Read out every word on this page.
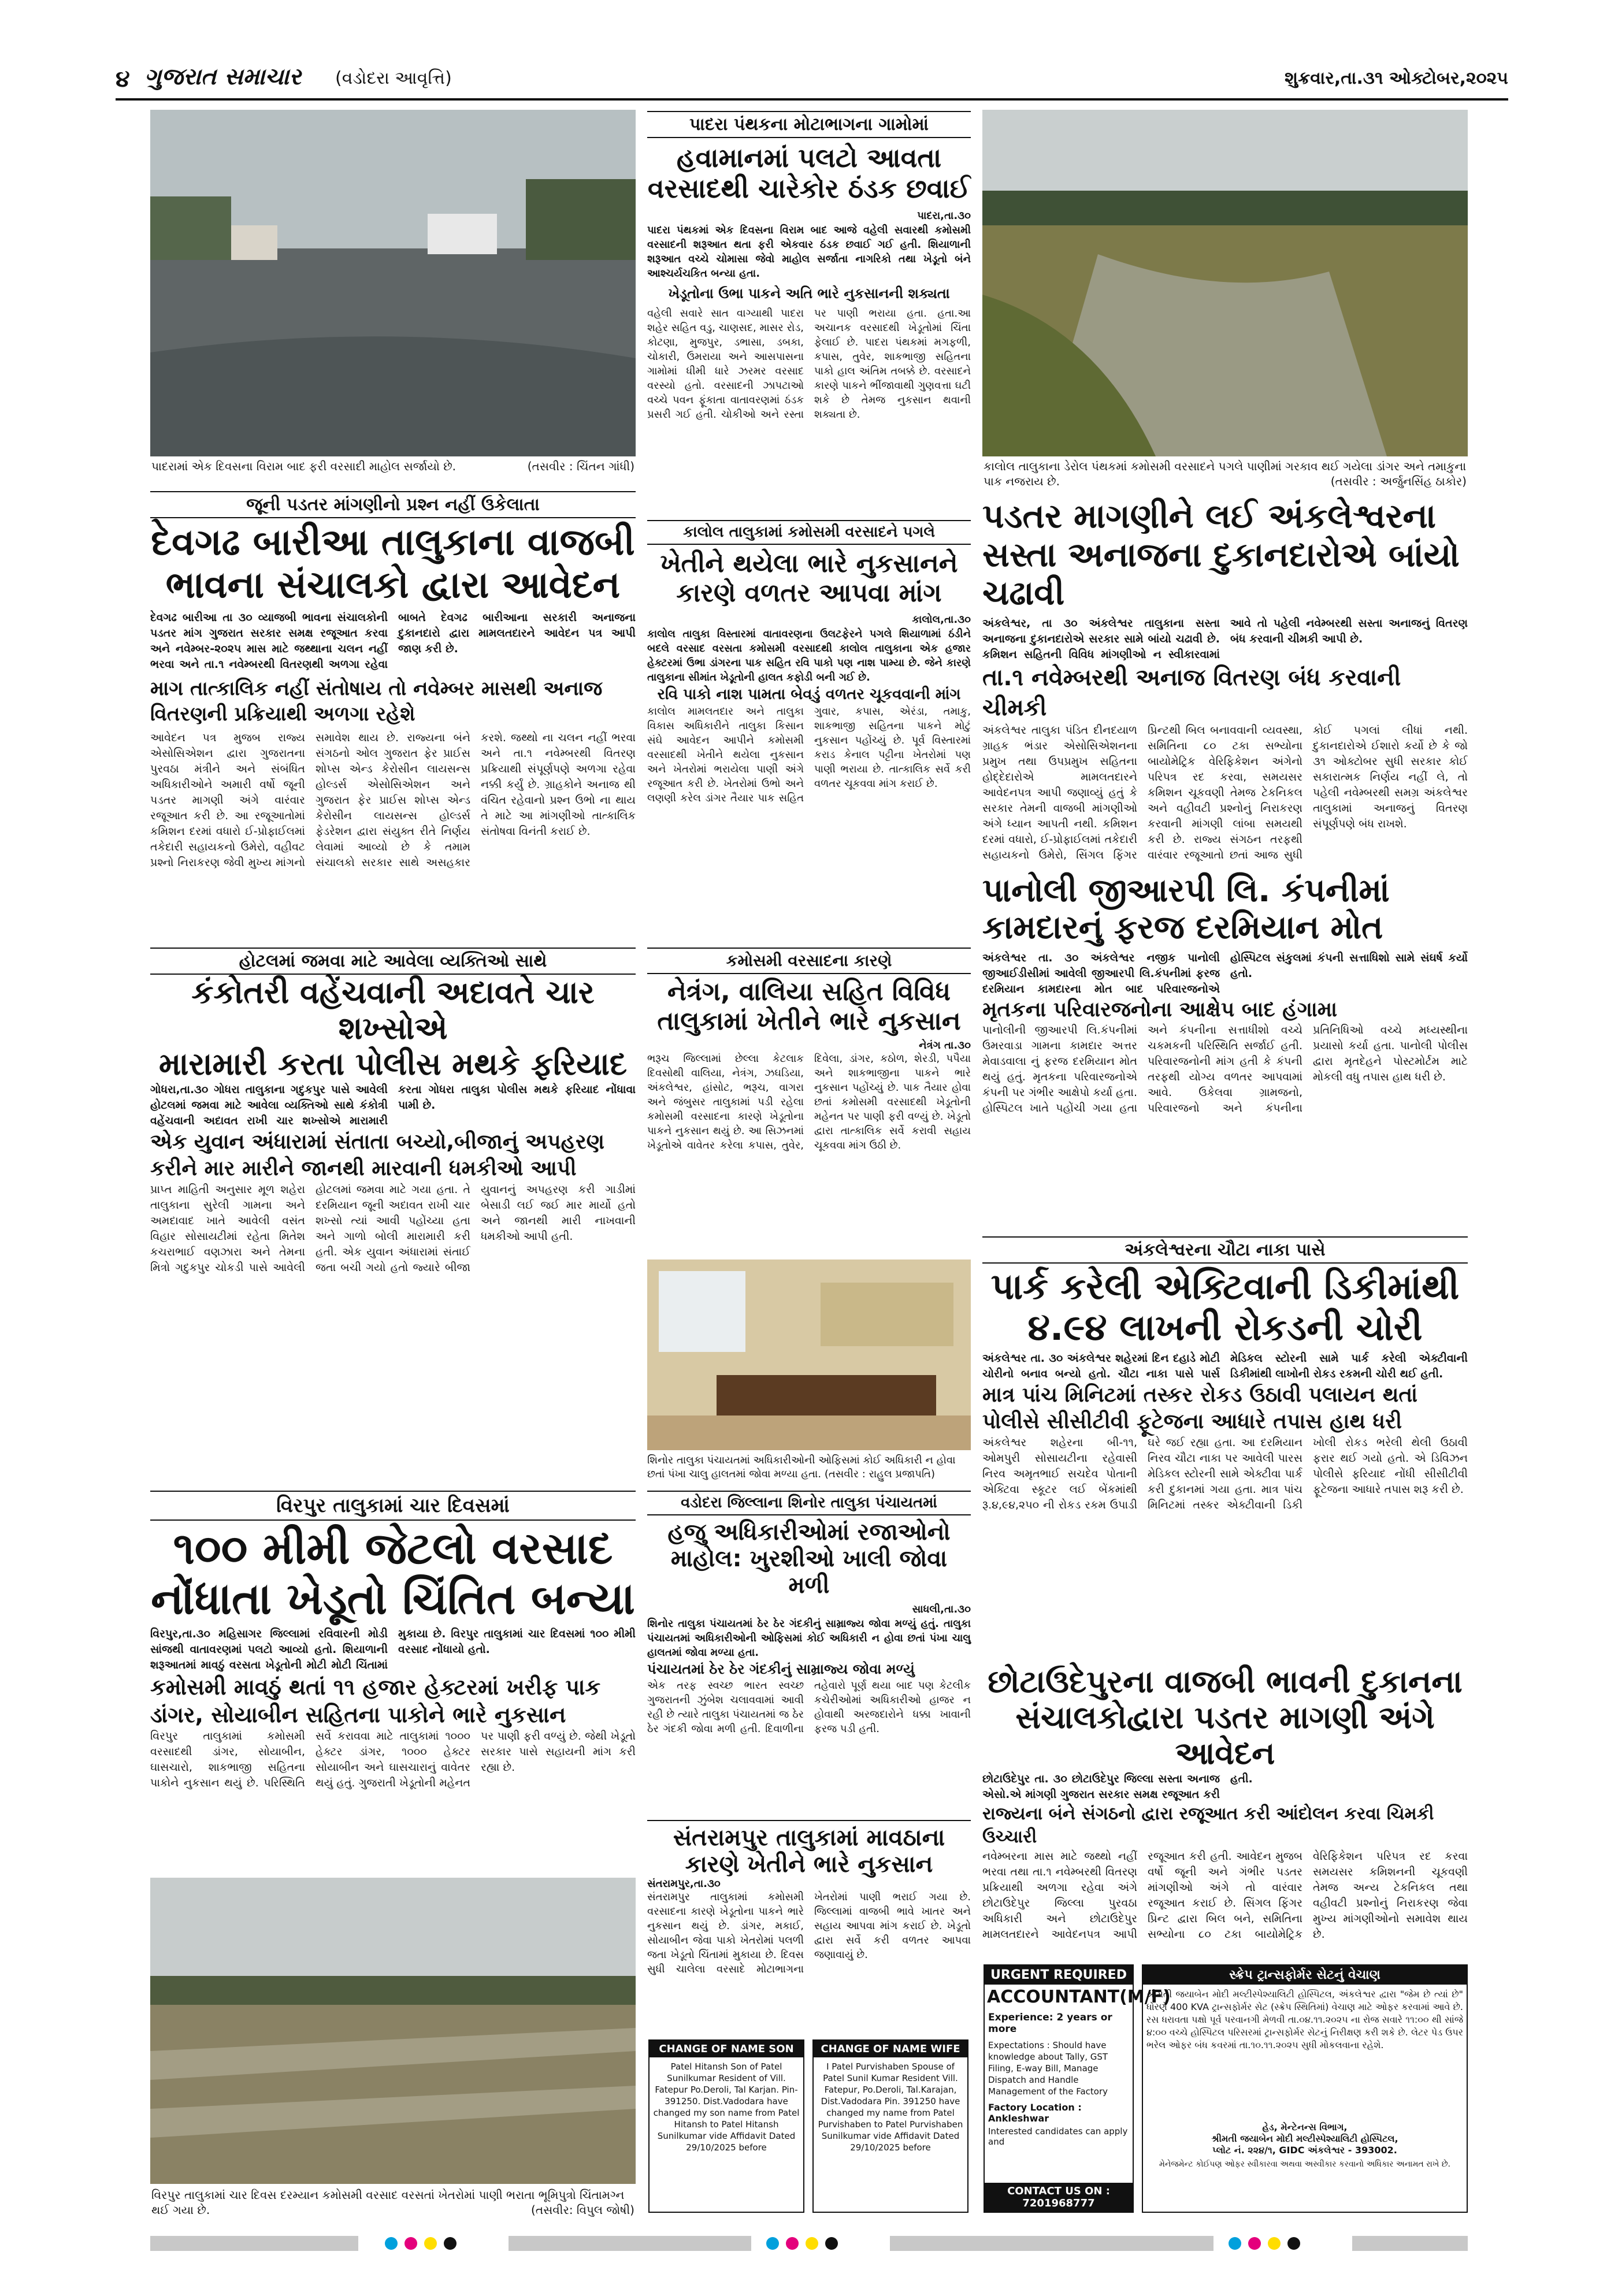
૪ ગુજરાત સમાચાર (વડોદરા આવૃત્તિ)	શુક્રવાર,તા.૩૧ ઓક્ટોબર,૨૦૨૫
પાદરામાં એક દિવસના વિરામ બાદ ફરી વરસાદી માહોલ સર્જાયો છે.	(તસવીર : ચિંતન ગાંધી)
પાદરા પંથકના મોટાભાગના ગામોમાં
હવામાનમાં પલટો આવતા વરસાદથી ચારેકોર ઠંડક છવાઈ
પાદરા,તા.૩૦
પાદરા પંથકમાં એક દિવસના વિરામ બાદ આજે વહેલી સવારથી કમોસમી વરસાદની શરૂઆત થતા ફરી એકવાર ઠંડક છવાઈ ગઈ હતી. શિયાળાની શરૂઆત વચ્ચે ચોમાસા જેવો માહોલ સર્જાતા નાગરિકો તથા ખેડૂતો બંને આશ્ચર્યચકિત બન્યા હતા.
ખેડૂતોના ઉભા પાકને અતિ ભારે નુકસાનની શક્યતા
વહેલી સવારે સાત વાગ્યાથી પાદરા શહેર સહિત વડુ, ચાણસદ, માસર રોડ, કોટણા, મુજપુર, ડભાસા, ડબકા, ચોકારી, ઉમરાયા અને આસપાસના ગામોમાં ધીમી ધારે ઝરમર વરસાદ વરસ્યો હતો. વરસાદની ઝાપટાઓ વચ્ચે પવન ફૂંકાતા વાતાવરણમાં ઠંડક પ્રસરી ગઈ હતી. ચોકીઓ અને રસ્તા પર પાણી ભરાયા હતા. હતા.આ અચાનક વરસાદથી ખેડૂતોમાં ચિંતા ફેલાઈ છે. પાદરા પંથકમાં મગફળી, કપાસ, તુવેર, શાકભાજી સહિતના પાકો હાલ અંતિમ તબક્કે છે. વરસાદને કારણે પાકને ભીંજાવાથી ગુણવત્તા ઘટી શકે છે તેમજ નુકસાન થવાની શક્યતા છે.
કાલોલ તાલુકાના ડેરોલ પંથકમાં કમોસમી વરસાદને પગલે પાણીમાં ગરકાવ થઈ ગયેલા ડાંગર અને તમાકુના પાક નજરાય છે.	(તસવીર : અર્જુનસિંહ ઠાકોર)
જૂની પડતર માંગણીનો પ્રશ્ન નહીં ઉકેલાતા
દેવગઢ બારીઆ તાલુકાના વાજબી ભાવના સંચાલકો દ્વારા આવેદન
દેવગઢ બારીઆ તા ૩૦ વ્યાજબી ભાવના સંચાલકોની પડતર માંગ ગુજરાત સરકાર સમક્ષ રજૂઆત કરવા અને નવેમ્બર-૨૦૨૫ માસ માટે જથ્થાના ચલન નહીં ભરવા અને તા.૧ નવેમ્બરથી વિતરણથી અળગા રહેવા બાબતે દેવગઢ બારીઆના સરકારી અનાજના દુકાનદારો દ્વારા મામલતદારને આવેદન પત્ર આપી જાણ કરી છે.
માગ તાત્કાલિક નહીં સંતોષાય તો નવેમ્બર માસથી અનાજ વિતરણની પ્રક્રિયાથી અળગા રહેશે
આવેદન પત્ર મુજબ રાજ્ય એસોસિએશન દ્વારા ગુજરાતના પુરવઠા મંત્રીને અને સંબંધિત અધિકારીઓને અમારી વર્ષો જૂની પડતર માગણી અંગે વારંવાર રજૂઆત કરી છે. આ રજૂઆતોમાં કમિશન દરમાં વધારો ઈ-પ્રોફાઈલમાં તકેદારી સહાયકનો ઉમેરો, વહીવટ પ્રશ્નો નિરાકરણ જેવી મુખ્ય માંગનો સમાવેશ થાય છે. રાજ્યના બંને સંગઠનો ઓલ ગુજરાત ફેર પ્રાઈસ શોપ્સ એન્ડ કેરોસીન લાયસન્સ હોલ્ડર્સ એસોસિએશન અને ગુજરાત ફેર પ્રાઈસ શોપ્સ એન્ડ કેરોસીન લાયસન્સ હોલ્ડર્સ ફેડરેશન દ્વારા સંયુક્ત રીતે નિર્ણય લેવામાં આવ્યો છે કે તમામ સંચાલકો સરકાર સાથે અસહકાર કરશે. જથ્થો ના ચલન નહીં ભરવા અને તા.૧ નવેમ્બરથી વિતરણ પ્રક્રિયાથી સંપૂર્ણપણે અળગા રહેવા નક્કી કર્યું છે. ગ્રાહકોને અનાજ થી વંચિત રહેવાનો પ્રશ્ન ઉભો ના થાય તે માટે આ માંગણીઓ તાત્કાલિક સંતોષવા વિનંતી કરાઈ છે.
કાલોલ તાલુકામાં કમોસમી વરસાદને પગલે
ખેતીને થયેલા ભારે નુકસાનને કારણે વળતર આપવા માંગ
કાલોલ,તા.૩૦
કાલોલ તાલુકા વિસ્તારમાં વાતાવરણના ઉલટફેરને પગલે શિયાળામાં ઠંડીને બદલે વરસાદ વરસતા કમોસમી વરસાદથી કાલોલ તાલુકાના એક હજાર હેક્ટરમાં ઉભા ડાંગરના પાક સહિત રવિ પાકો પણ નાશ પામ્યા છે. જેને કારણે તાલુકાના સીમાંત ખેડૂતોની હાલત કફોડી બની ગઈ છે.
રવિ પાકો નાશ પામતા બેવડું વળતર ચૂકવવાની માંગ
કાલોલ મામલતદાર અને તાલુકા વિકાસ અધિકારીને તાલુકા કિસાન સંઘે આવેદન આપીને કમોસમી વરસાદથી ખેતીને થયેલા નુકસાન અને ખેતરોમાં ભરાયેલા પાણી અંગે રજૂઆત કરી છે. ખેતરોમાં ઉભો અને લણણી કરેલ ડાંગર તૈયાર પાક સહિત ગુવાર, કપાસ, એરંડા, તમાકુ, શાકભાજી સહિતના પાકને મોટું નુકસાન પહોંચ્યું છે. પૂર્વ વિસ્તારમાં કરાડ કેનાલ પટ્ટીના ખેતરોમાં પણ પાણી ભરાયા છે. તાત્કાલિક સર્વે કરી વળતર ચૂકવવા માંગ કરાઈ છે.
પડતર માગણીને લઈ અંકલેશ્વરના સસ્તા અનાજના દુકાનદારોએ બાંયો ચઢાવી
અંકલેશ્વર, તા ૩૦ અંકલેશ્વર તાલુકાના સસ્તા અનાજના દુકાનદારોએ સરકાર સામે બાંયો ચઢાવી છે. કમિશન સહિતની વિવિધ માંગણીઓ ન સ્વીકારવામાં આવે તો પહેલી નવેમ્બરથી સસ્તા અનાજનું વિતરણ બંધ કરવાની ચીમકી આપી છે.
તા.૧ નવેમ્બરથી અનાજ વિતરણ બંધ કરવાની ચીમકી
અંકલેશ્વર તાલુકા પંડિત દીનદયાળ ગ્રાહક ભંડાર એસોસિએશનના પ્રમુખ તથા ઉપપ્રમુખ સહિતના હોદ્દેદારોએ મામલતદારને આવેદનપત્ર આપી જણાવ્યું હતું કે સરકાર તેમની વાજબી માંગણીઓ અંગે ધ્યાન આપતી નથી. કમિશન દરમાં વધારો, ઈ-પ્રોફાઈલમાં તકેદારી સહાયકનો ઉમેરો, સિંગલ ફિંગર પ્રિન્ટથી બિલ બનાવવાની વ્યવસ્થા, સમિતિના ૮૦ ટકા સભ્યોના બાયોમેટ્રિક વેરિફિકેશન અંગેનો પરિપત્ર રદ કરવા, સમયસર કમિશન ચૂકવણી તેમજ ટેકનિકલ અને વહીવટી પ્રશ્નોનું નિરાકરણ કરવાની માંગણી લાંબા સમયથી કરી છે. રાજ્ય સંગઠન તરફથી વારંવાર રજૂઆતો છતાં આજ સુધી કોઈ પગલાં લીધાં નથી. દુકાનદારોએ ઈશારો કર્યો છે કે જો ૩૧ ઓક્ટોબર સુધી સરકાર કોઈ સકારાત્મક નિર્ણય નહીં લે, તો પહેલી નવેમ્બરથી સમગ્ર અંકલેશ્વર તાલુકામાં અનાજનું વિતરણ સંપૂર્ણપણે બંધ રાખશે.
પાનોલી જીઆરપી લિ. કંપનીમાં કામદારનું ફરજ દરમિયાન મોત
અંકલેશ્વર તા. ૩૦ અંકલેશ્વર નજીક પાનોલી જીઆઈડીસીમાં આવેલી જીઆરપી લિ.કંપનીમાં ફરજ દરમિયાન કામદારના મોત બાદ પરિવારજનોએ હોસ્પિટલ સંકુલમાં કંપની સત્તાધિશો સામે સંઘર્ષ કર્યો હતો.
મૃતકના પરિવારજનોના આક્ષેપ બાદ હંગામા
પાનોલીની જીઆરપી લિ.કંપનીમાં ઉમરવાડા ગામના કામદાર અત્તર મેવાડવાલા નું ફરજ દરમિયાન મોત થયું હતું. મૃતકના પરિવારજનોએ કંપની પર ગંભીર આક્ષેપો કર્યા હતા. હોસ્પિટલ ખાતે પહોંચી ગયા હતા અને કંપનીના સત્તાધીશો વચ્ચે ચકમકની પરિસ્થિતિ સર્જાઈ હતી. પરિવારજનોની માંગ હતી કે કંપની તરફથી યોગ્ય વળતર આપવામાં આવે. ઉકેલવા ગ્રામજનો, પરિવારજનો અને કંપનીના પ્રતિનિધિઓ વચ્ચે મધ્યસ્થીના પ્રયાસો કર્યા હતા. પાનોલી પોલીસ દ્વારા મૃતદેહને પોસ્ટમોર્ટમ માટે મોકલી વધુ તપાસ હાથ ધરી છે.
હોટલમાં જમવા માટે આવેલા વ્યક્તિઓ સાથે
કંકોતરી વહેંચવાની અદાવતે ચાર શખ્સોએ
મારામારી કરતા પોલીસ મથકે ફરિયાદ
ગોધરા,તા.૩૦ ગોધરા તાલુકાના ગદુકપુર પાસે આવેલી હોટલમાં જમવા માટે આવેલા વ્યક્તિઓ સાથે કંકોત્રી વહેંચવાની અદાવત રાખી ચાર શખ્સોએ મારામારી કરતા ગોધરા તાલુકા પોલીસ મથકે ફરિયાદ નોંધાવા પામી છે.
એક યુવાન અંધારામાં સંતાતા બચ્યો,બીજાનું અપહરણ કરીને માર મારીને જાનથી મારવાની ધમકીઓ આપી
પ્રાપ્ત માહિતી અનુસાર મૂળ શહેરા તાલુકાના સુરેલી ગામના અને અમદાવાદ ખાતે આવેલી વસંત વિહાર સોસાયટીમાં રહેતા મિતેશ કચરાભાઈ વણઝારા અને તેમના મિત્રો ગદુકપુર ચોકડી પાસે આવેલી હોટલમાં જમવા માટે ગયા હતા. તે દરમિયાન જૂની અદાવત રાખી ચાર શખ્સો ત્યાં આવી પહોંચ્યા હતા અને ગાળો બોલી મારામારી કરી હતી. એક યુવાન અંધારામાં સંતાઈ જતા બચી ગયો હતો જ્યારે બીજા યુવાનનું અપહરણ કરી ગાડીમાં બેસાડી લઈ જઈ માર માર્યો હતો અને જાનથી મારી નાખવાની ધમકીઓ આપી હતી.
કમોસમી વરસાદના કારણે
નેત્રંગ, વાલિયા સહિત વિવિધ તાલુકામાં ખેતીને ભારે નુકસાન
નેત્રંગ તા.૩૦
ભરૂચ જિલ્લામાં છેલ્લા કેટલાક દિવસોથી વાલિયા, નેત્રંગ, ઝઘડિયા, અંકલેશ્વર, હાંસોટ, ભરૂચ, વાગરા અને જંબુસર તાલુકામાં પડી રહેલા કમોસમી વરસાદના કારણે ખેડૂતોના પાકને નુકસાન થયું છે. આ સિઝનમાં ખેડૂતોએ વાવેતર કરેલા કપાસ, તુવેર, દિવેલા, ડાંગર, કઠોળ, શેરડી, પપૈયા અને શાકભાજીના પાકને ભારે નુકસાન પહોંચ્યું છે. પાક તૈયાર હોવા છતાં કમોસમી વરસાદથી ખેડૂતોની મહેનત પર પાણી ફરી વળ્યું છે. ખેડૂતો દ્વારા તાત્કાલિક સર્વે કરાવી સહાય ચૂકવવા માંગ ઉઠી છે.
શિનોર તાલુકા પંચાયતમાં અધિકારીઓની ઓફિસમાં કોઈ અધિકારી ન હોવા છતાં પંખા ચાલુ હાલતમાં જોવા મળ્યા હતા. (તસવીર : રાહુલ પ્રજાપતિ)
અંકલેશ્વરના ચૌટા નાકા પાસે
પાર્ક કરેલી એક્ટિવાની ડિકીમાંથી ૪.૯૪ લાખની રોકડની ચોરી
અંકલેશ્વર તા. ૩૦ અંકલેશ્વર શહેરમાં દિન દહાડે મોટી ચોરીનો બનાવ બન્યો હતો. ચૌટા નાકા પાસે પાર્સ મેડિકલ સ્ટોરની સામે પાર્ક કરેલી એક્ટીવાની ડિકીમાંથી લાખોની રોકડ રકમની ચોરી થઈ હતી.
માત્ર પાંચ મિનિટમાં તસ્કર રોકડ ઉઠાવી પલાયન થતાં પોલીસે સીસીટીવી ફૂટેજના આધારે તપાસ હાથ ધરી
અંકલેશ્વર શહેરના બી-૧૧, ઓમપુરી સોસાયટીના રહેવાસી નિરવ અમૃતભાઈ સચદેવ પોતાની એક્ટિવા સ્કૂટર લઈ બેંકમાંથી રૂ.૪,૯૪,૨૫૦ ની રોકડ રકમ ઉપાડી ઘરે જઈ રહ્યા હતા. આ દરમિયાન નિરવ ચૌટા નાકા પર આવેલી પારસ મેડિકલ સ્ટોરની સામે એક્ટીવા પાર્ક કરી દુકાનમાં ગયા હતા. માત્ર પાંચ મિનિટમાં તસ્કર એક્ટીવાની ડિકી ખોલી રોકડ ભરેલી થેલી ઉઠાવી ફરાર થઈ ગયો હતો. એ ડિવિઝન પોલીસે ફરિયાદ નોંધી સીસીટીવી ફૂટેજના આધારે તપાસ શરૂ કરી છે.
વિરપુર તાલુકામાં ચાર દિવસમાં
૧૦૦ મીમી જેટલો વરસાદ નોંધાતા ખેડૂતો ચિંતિત બન્યા
વિરપુર,તા.૩૦ મહિસાગર જિલ્લામાં રવિવારની મોડી સાંજથી વાતાવરણમાં પલટો આવ્યો હતો. શિયાળાની શરૂઆતમાં માવઠું વરસતા ખેડૂતોની મોટી મોટી ચિંતામાં મુકાયા છે. વિરપુર તાલુકામાં ચાર દિવસમાં ૧૦૦ મીમી વરસાદ નોંધાયો હતો.
કમોસમી માવઠું થતાં ૧૧ હજાર હેક્ટરમાં ખરીફ પાક ડાંગર, સોયાબીન સહિતના પાકોને ભારે નુકસાન
વિરપુર તાલુકામાં કમોસમી વરસાદથી ડાંગર, સોયાબીન, ઘાસચારો, શાકભાજી સહિતના પાકોને નુકસાન થયું છે. પરિસ્થિતિ સર્વે કરાવવા માટે તાલુકામાં ૧૦૦૦ હેક્ટર ડાંગર, ૧૦૦૦ હેક્ટર સોયાબીન અને ઘાસચારાનું વાવેતર થયું હતું. ગુજરાતી ખેડૂતોની મહેનત પર પાણી ફરી વળ્યું છે. જેથી ખેડૂતો સરકાર પાસે સહાયની માંગ કરી રહ્યા છે.
વડોદરા જિલ્લાના શિનોર તાલુકા પંચાયતમાં
હજુ અધિકારીઓમાં રજાઓનો માહોલ: ખુરશીઓ ખાલી જોવા મળી
સાધલી,તા.૩૦
શિનોર તાલુકા પંચાયતમાં ઠેર ઠેર ગંદકીનું સામ્રાજ્ય જોવા મળ્યું હતું. તાલુકા પંચાયતમાં અધિકારીઓની ઓફિસમાં કોઈ અધિકારી ન હોવા છતાં પંખા ચાલુ હાલતમાં જોવા મળ્યા હતા.
પંચાયતમાં ઠેર ઠેર ગંદકીનું સામ્રાજ્ય જોવા મળ્યું
એક તરફ સ્વચ્છ ભારત સ્વચ્છ ગુજરાતની ઝુંબેશ ચલાવવામાં આવી રહી છે ત્યારે તાલુકા પંચાયતમાં જ ઠેર ઠેર ગંદકી જોવા મળી હતી. દિવાળીના તહેવારો પૂર્ણ થયા બાદ પણ કેટલીક કચેરીઓમાં અધિકારીઓ હાજર ન હોવાથી અરજદારોને ધક્કા ખાવાની ફરજ પડી હતી.
છોટાઉદેપુરના વાજબી ભાવની દુકાનના સંચાલકોદ્વારા પડતર માગણી અંગે આવેદન
છોટાઉદેપુર તા. ૩૦ છોટાઉદેપુર જિલ્લા સસ્તા અનાજ એસો.એ માંગણી ગુજરાત સરકાર સમક્ષ રજૂઆત કરી હતી.
રાજ્યના બંને સંગઠનો દ્વારા રજૂઆત કરી આંદોલન કરવા ચિમકી ઉચ્ચારી
નવેમ્બરના માસ માટે જથ્થો નહીં ભરવા તથા તા.૧ નવેમ્બરથી વિતરણ પ્રક્રિયાથી અળગા રહેવા અંગે છોટાઉદેપુર જિલ્લા પુરવઠા અધિકારી અને છોટાઉદેપુર મામલતદારને આવેદનપત્ર આપી રજૂઆત કરી હતી. આવેદન મુજબ વર્ષો જૂની અને ગંભીર પડતર માંગણીઓ અંગે તો વારંવાર રજૂઆત કરાઈ છે. સિંગલ ફિંગર પ્રિન્ટ દ્વારા બિલ બને, સમિતિના સભ્યોના ૮૦ ટકા બાયોમેટ્રિક વેરિફિકેશન પરિપત્ર રદ કરવા સમયસર કમિશનની ચૂકવણી તેમજ અન્ય ટેકનિકલ તથા વહીવટી પ્રશ્નોનું નિરાકરણ જેવા મુખ્ય માંગણીઓનો સમાવેશ થાય છે.
વિરપુર તાલુકામાં ચાર દિવસ દરમ્યાન કમોસમી વરસાદ વરસતાં ખેતરોમાં પાણી ભરાતા ભૂમિપુત્રો ચિંતામગ્ન થઈ ગયા છે.	(તસવીર: વિપુલ જોષી)
સંતરામપુર તાલુકામાં માવઠાના કારણે ખેતીને ભારે નુકસાન
સંતરામપુર,તા.૩૦
સંતરામપુર તાલુકામાં કમોસમી વરસાદના કારણે ખેડૂતોના પાકને ભારે નુકસાન થયું છે. ડાંગર, મકાઈ, સોયાબીન જેવા પાકો ખેતરોમાં પલળી જતા ખેડૂતો ચિંતામાં મુકાયા છે. દિવસ સુધી ચાલેલા વરસાદે મોટાભાગના ખેતરોમાં પાણી ભરાઈ ગયા છે. જિલ્લામાં વાજબી ભાવે ખાતર અને સહાય આપવા માંગ કરાઈ છે. ખેડૂતો દ્વારા સર્વે કરી વળતર આપવા જણાવાયું છે.
CHANGE OF NAME SON
Patel Hitansh Son of Patel Sunilkumar Resident of Vill. Fatepur Po.Deroli, Tal Karjan. Pin-391250. Dist.Vadodara have changed my son name from Patel Hitansh to Patel Hitansh Sunilkumar vide Affidavit Dated 29/10/2025 before
CHANGE OF NAME WIFE
I Patel Purvishaben Spouse of Patel Sunil Kumar Resident Vill. Fatepur, Po.Deroli, Tal.Karajan, Dist.Vadodara Pin. 391250 have changed my name from Patel Purvishaben to Patel Purvishaben Sunilkumar vide Affidavit Dated 29/10/2025 before
URGENT REQUIRED
ACCOUNTANT(M/F)
Experience: 2 years or more
Expectations : Should have knowledge about Tally, GST Filing, E-way Bill, Manage Dispatch and Handle Management of the Factory
Factory Location : Ankleshwar
Interested candidates can apply and
CONTACT US ON : 7201968777
સ્ક્રેપ ટ્રાન્સફોર્મર સેટનું વેચાણ
શ્રીમતી જયાબેન મોદી મલ્ટીસ્પેશ્યાલિટી હોસ્પિટલ, અંકલેશ્વર દ્વારા "જેમ છે ત્યાં છે" ધોરણે 400 KVA ટ્રાન્સફોર્મર સેટ (સ્ક્રેપ સ્થિતિમાં) વેચાણ માટે ઓફર કરવામાં આવે છે. રસ ધરાવતા પક્ષો પૂર્વ પરવાનગી મેળવી તા.૦૪.૧૧.૨૦૨૫ ના રોજ સવારે ૧૧:૦૦ થી સાંજે ૪:૦૦ વચ્ચે હોસ્પિટલ પરિસરમાં ટ્રાન્સફોર્મર સેટનું નિરીક્ષણ કરી શકે છે. લેટર પેડ ઉપર ભરેલ ઓફર બંધ કવરમાં તા.૧૦.૧૧.૨૦૨૫ સુધી મોકલવાના રહેશે.
હેડ, મેન્ટેનન્સ વિભાગ,
શ્રીમતી જયાબેન મોદી મલ્ટીસ્પેશ્યાલિટી હોસ્પિટલ,
પ્લોટ નં. ૨૨૪/૧, GIDC અંકલેશ્વર - 393002.
મેનેજમેન્ટ કોઈપણ ઓફર સ્વીકારવા અથવા અસ્વીકાર કરવાનો અધિકાર અનામત રાખે છે.
